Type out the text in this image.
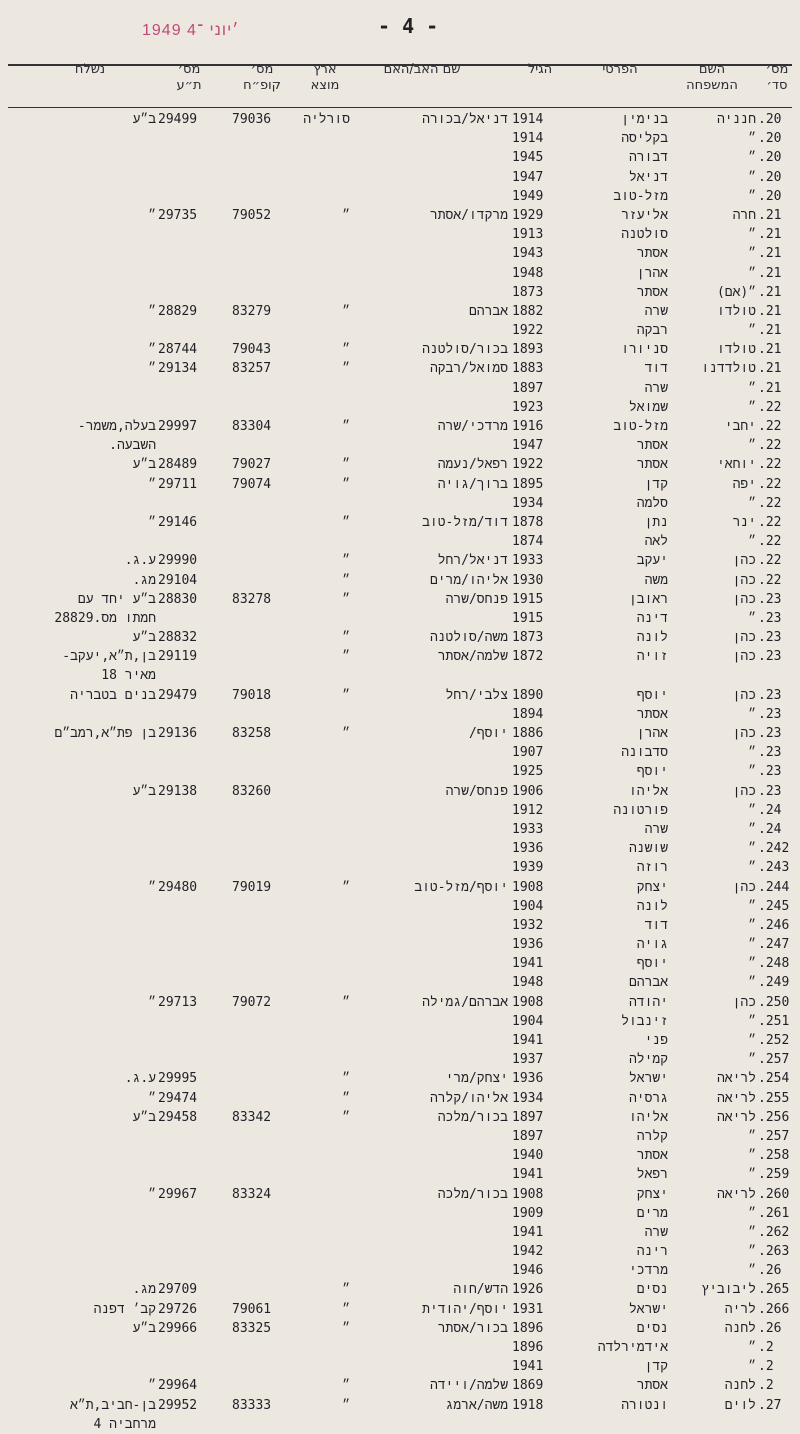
1949 ׳יוני ־4	- 4 -
מס׳
סד׳
השם
המשפחה
הפרטי
הגיל
שם האב/האם
ארץ
מוצא
מס׳
קופ״ח
מס׳
ת״ע
נשלח
.20
חנניה
בנימין
1914
דניאל/בכורה
סורליה
79036
29499
ב״ע
.20
״
בקליסה
1914
.20
״
דבורה
1945
.20
״
דניאל
1947
.20
״
מזל-טוב
1949
.21
חרה
אליעזר
1929
מרקדו/אסתר
״
79052
29735
״
.21
״
סולטנה
1913
.21
״
אסתר
1943
.21
״
אהרן
1948
.21
״(אם)
אסתר
1873
.21
טולדו
שרה
1882
אברהם
״
83279
28829
״
.21
״
רבקה
1922
.21
טולדו
סניורו
1893
בכור/סולטנה
״
79043
28744
״
.21
טולדדנו
דוד
1883
סמואל/רבקה
״
83257
29134
״
.21
״
שרה
1897
.22
״
שמואל
1923
.22
יחבי
מזל-טוב
1916
מרדכי/שרה
״
83304
29997
בעלה,משמר-
.22
״
אסתר
1947
השבעה.
.22
יוחאי
אסתר
1922
רפאל/נעמה
״
79027
28489
ב״ע
.22
יפה
קדן
1895
ברוך/גויה
״
79074
29711
״
.22
״
סלמה
1934
.22
ינר
נתן
1878
דוד/מזל-טוב
״
29146
״
.22
״
לאה
1874
.22
כהן
יעקב
1933
דניאל/רחל
״
29990
ע.ג.
.22
כהן
משה
1930
אליהו/מרים
״
29104
מג.
.23
כהן
ראובן
1915
פנחס/שרה
״
83278
28830
ב״ע יחד עם
.23
״
דינה
1915
חמתו מס.28829
.23
כהן
לונה
1873
משה/סולטנה
״
28832
ב״ע
.23
כהן
זויה
1872
שלמה/אסתר
״
29119
בן,ת״א,יעקב-
מאיר 18
.23
כהן
יוסף
1890
צלבי/רחל
״
79018
29479
בנים בטבריה
.23
״
אסתר
1894
.23
כהן
אהרן
1886
יוסף/
״
83258
29136
בן פת״א,רמב״ם
.23
״
סדבונה
1907
.23
״
יוסף
1925
.23
כהן
אליהו
1906
פנחס/שרה
83260
29138
ב״ע
.24
״
פורטונה
1912
.24
״
שרה
1933
.242
״
שושנה
1936
.243
״
רוזה
1939
.244
כהן
יצחק
1908
יוסף/מזל-טוב
״
79019
29480
״
.245
״
לונה
1904
.246
״
דוד
1932
.247
״
גויה
1936
.248
״
יוסף
1941
.249
״
אברהם
1948
.250
כהן
יהודה
1908
אברהם/גמילה
״
79072
29713
״
.251
״
זינבול
1904
.252
״
פני
1941
.257
״
קמילה
1937
.254
לריאה
ישראל
1936
יצחק/מרי
״
29995
ע.ג.
.255
לריאה
גרסיה
1934
אליהו/קלרה
״
29474
״
.256
לריאה
אליהו
1897
בכור/מלכה
״
83342
29458
ב״ע
.257
״
קלרה
1897
.258
״
אסתר
1940
.259
״
רפאל
1941
.260
לריאה
יצחק
1908
בכור/מלכה
83324
29967
״
.261
״
מרים
1909
.262
״
שרה
1941
.263
״
רינה
1942
.26
״
מרדכי
1946
.265
ליבוביץ
נסים
1926
הדש/חוה
״
29709
מג.
.266
לריה
ישראל
1931
יוסף/יהודית
״
79061
29726
קב׳ דפנה
.26
לחנה
נסים
1896
בכור/אסתר
״
83325
29966
ב״ע
.2
״
אידמירלדה
1896
.2
״
קדן
1941
.2
לחנה
אסתר
1869
שלמה/ויידה
״
29964
״
.27
לוים
ונטורה
1918
משה/ארמג
״
83333
29952
בן-חביב,ת״א
מרחביה 4
